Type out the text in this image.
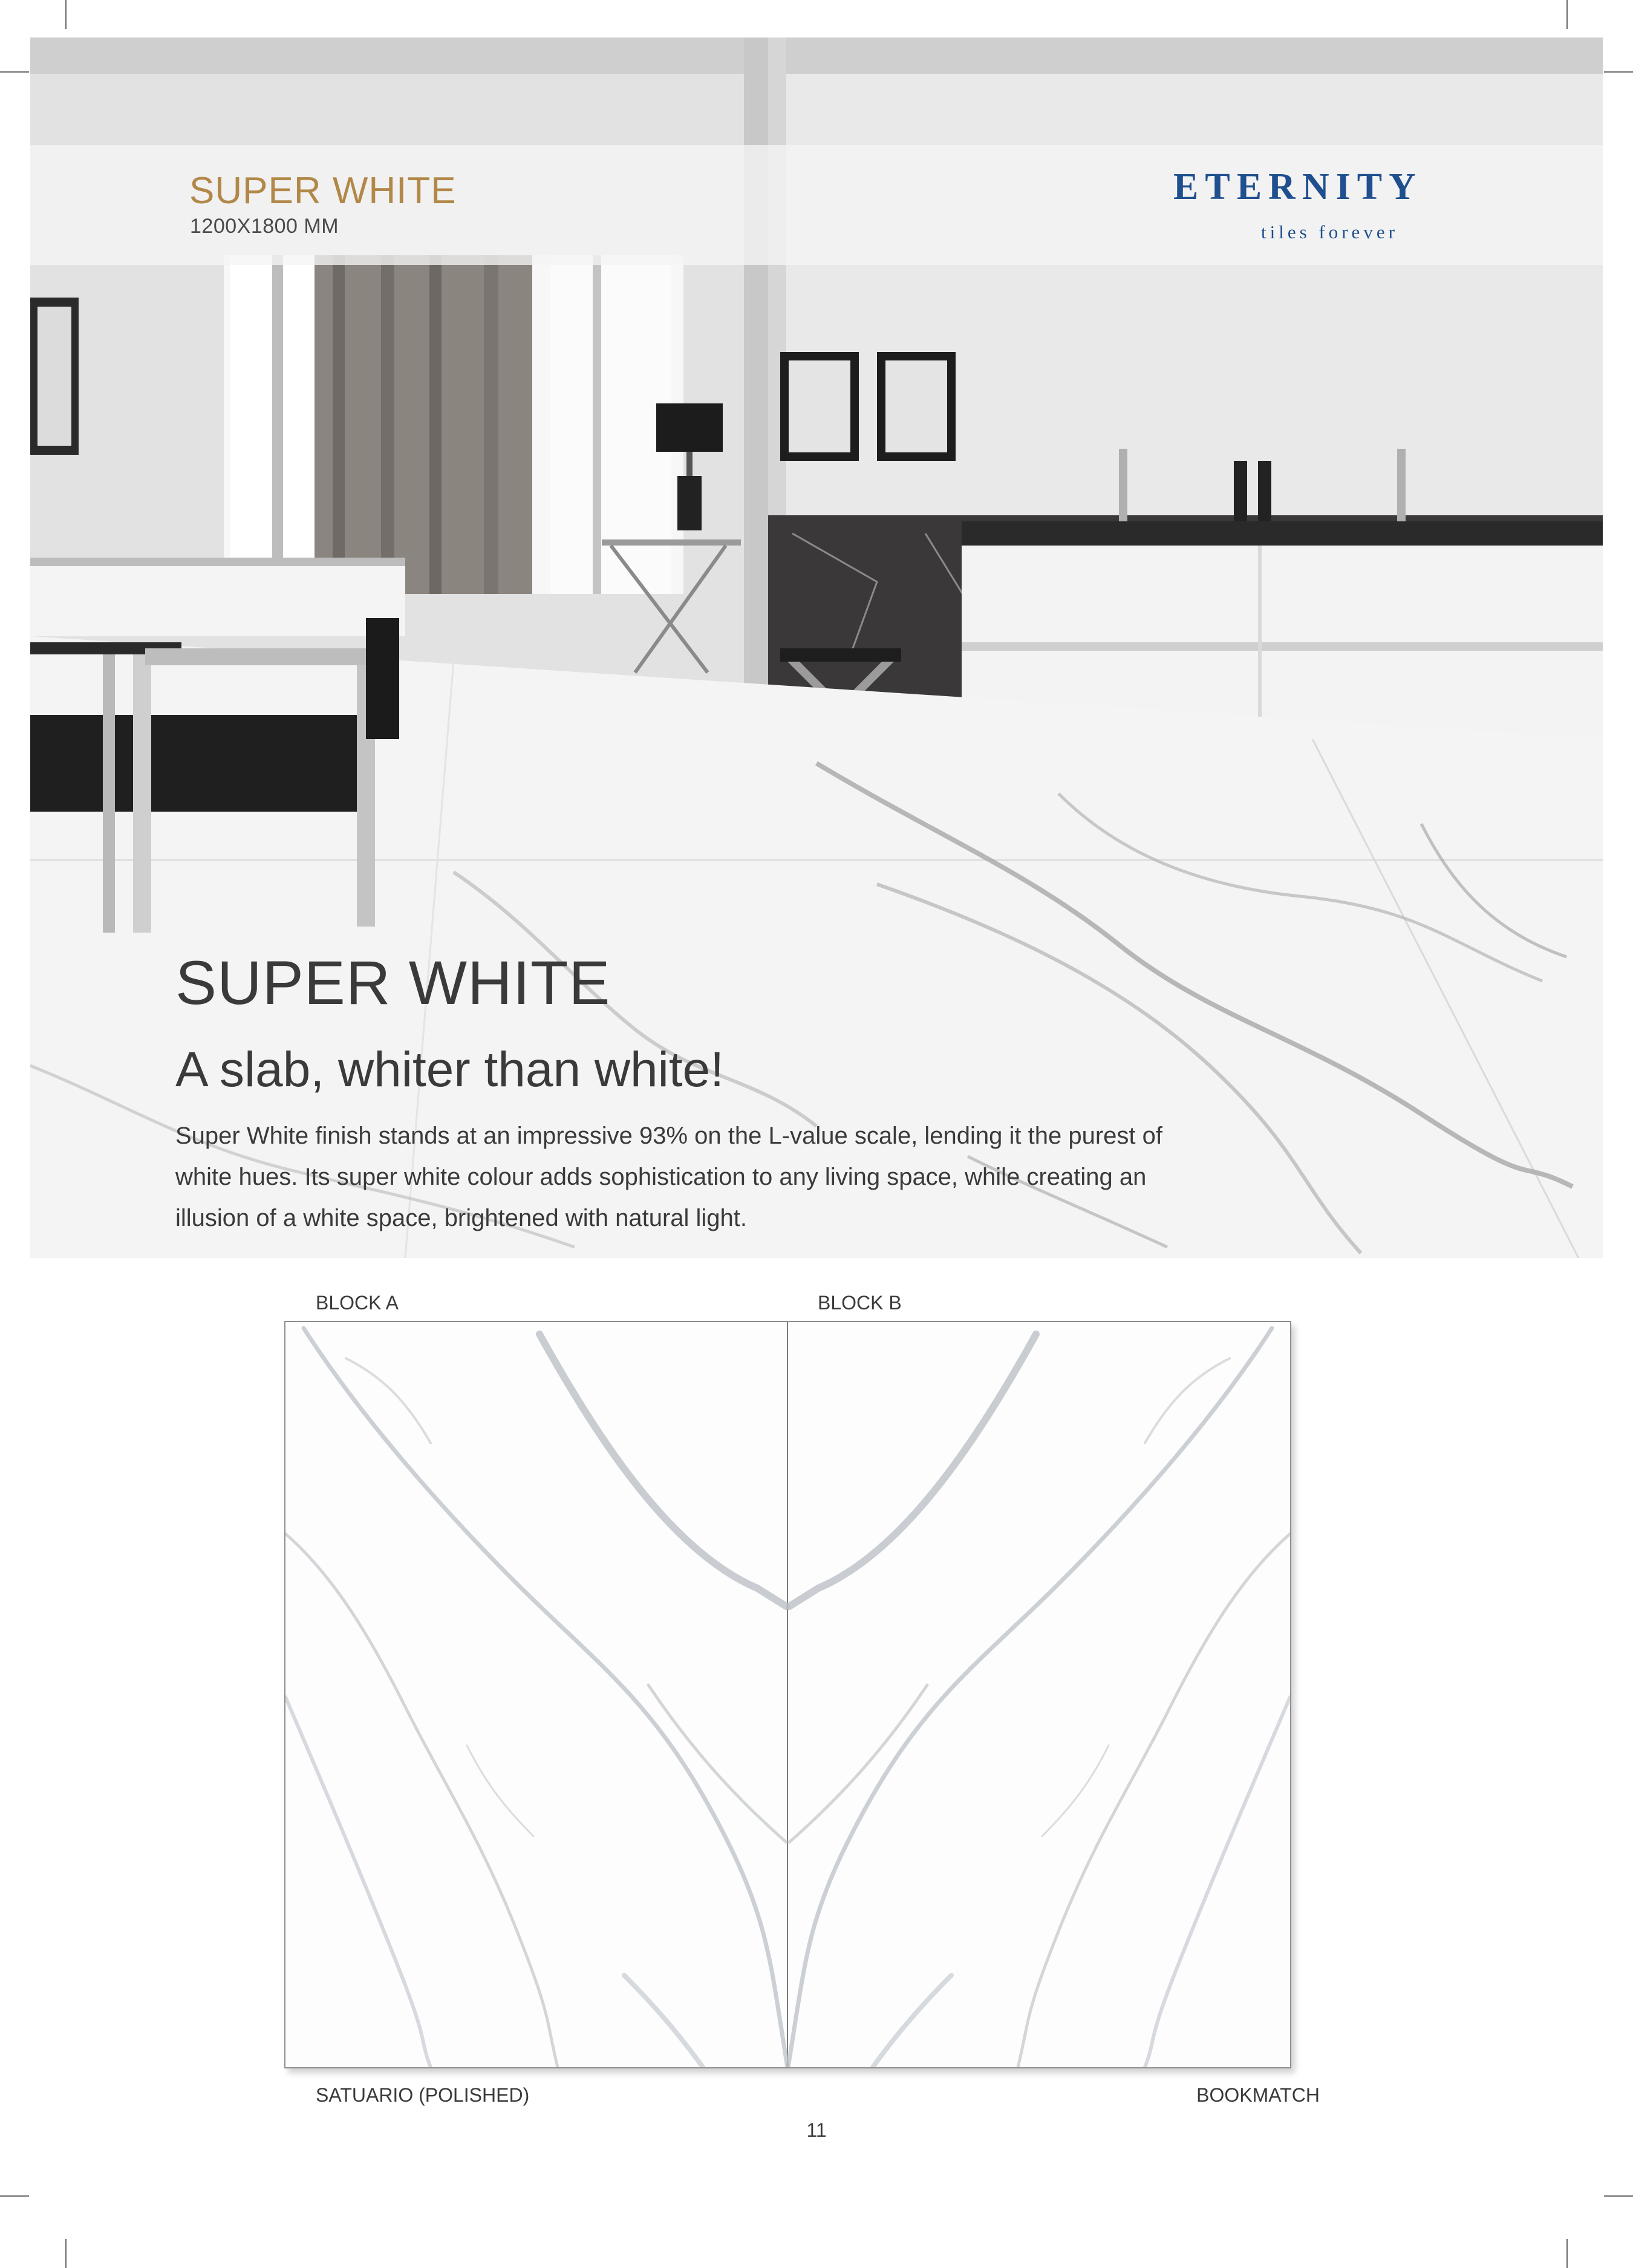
SUPER WHITE

1200X1800 MM

ETERNITY
tiles forever
SUPER WHITE
A slab, whiter than white!

Super White finish stands at an impressive 93% on the L-value scale, lending it the purest of white hues. Its super white colour adds sophistication to any living space, while creating an illusion of a white space, brightened with natural light.

BLOCK A	BLOCK B

SATUARIO (POLISHED)	BOOKMATCH

11
